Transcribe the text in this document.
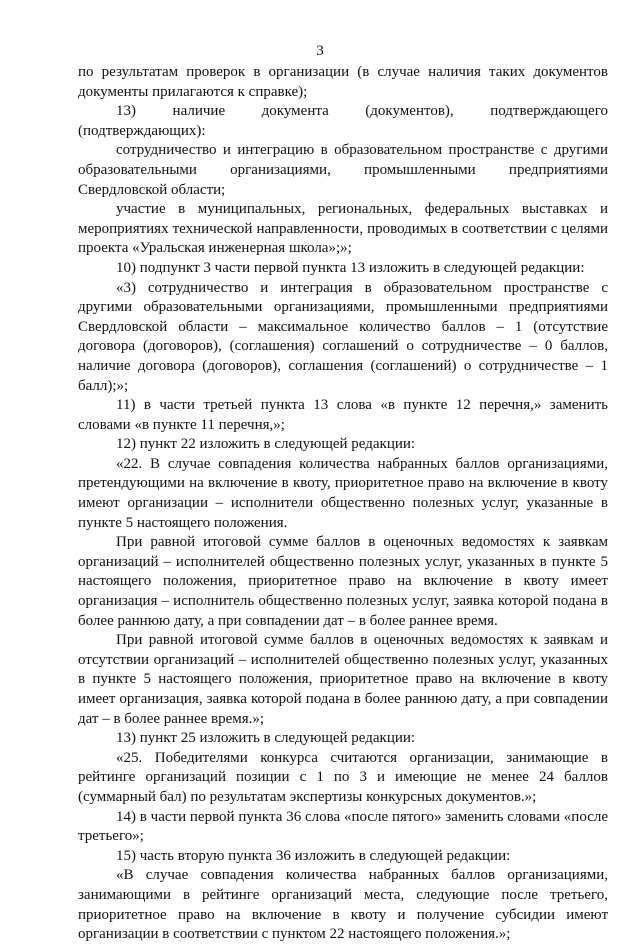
3

по результатам проверок в организации (в случае наличия таких документов документы прилагаются к справке);

13) наличие документа (документов), подтверждающего (подтверждающих):

сотрудничество и интеграцию в образовательном пространстве с другими образовательными организациями, промышленными предприятиями Свердловской области;

участие в муниципальных, региональных, федеральных выставках и мероприятиях технической направленности, проводимых в соответствии с целями проекта «Уральская инженерная школа»;»;

10) подпункт 3 части первой пункта 13 изложить в следующей редакции:

«3) сотрудничество и интеграция в образовательном пространстве с другими образовательными организациями, промышленными предприятиями Свердловской области – максимальное количество баллов – 1 (отсутствие договора (договоров), (соглашения) соглашений о сотрудничестве – 0 баллов, наличие договора (договоров), соглашения (соглашений) о сотрудничестве – 1 балл);»;

11) в части третьей пункта 13 слова «в пункте 12 перечня,» заменить словами «в пункте 11 перечня,»;

12) пункт 22 изложить в следующей редакции:

«22. В случае совпадения количества набранных баллов организациями, претендующими на включение в квоту, приоритетное право на включение в квоту имеют организации – исполнители общественно полезных услуг, указанные в пункте 5 настоящего положения.

При равной итоговой сумме баллов в оценочных ведомостях к заявкам организаций – исполнителей общественно полезных услуг, указанных в пункте 5 настоящего положения, приоритетное право на включение в квоту имеет организация – исполнитель общественно полезных услуг, заявка которой подана в более раннюю дату, а при совпадении дат – в более раннее время.

При равной итоговой сумме баллов в оценочных ведомостях к заявкам и отсутствии организаций – исполнителей общественно полезных услуг, указанных в пункте 5 настоящего положения, приоритетное право на включение в квоту имеет организация, заявка которой подана в более раннюю дату, а при совпадении дат – в более раннее время.»;

13) пункт 25 изложить в следующей редакции:

«25. Победителями конкурса считаются организации, занимающие в рейтинге организаций позиции с 1 по 3 и имеющие не менее 24 баллов (суммарный бал) по результатам экспертизы конкурсных документов.»;

14) в части первой пункта 36 слова «после пятого» заменить словами «после третьего»;

15) часть вторую пункта 36 изложить в следующей редакции:

«В случае совпадения количества набранных баллов организациями, занимающими в рейтинге организаций места, следующие после третьего, приоритетное право на включение в квоту и получение субсидии имеют организации в соответствии с пунктом 22 настоящего положения.»;
